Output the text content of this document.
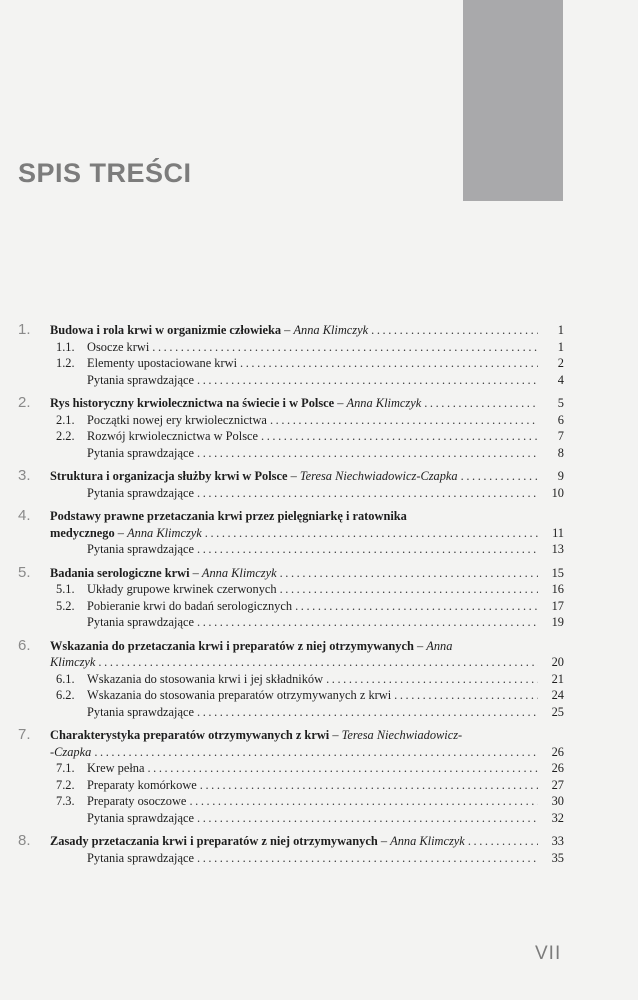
SPIS TREŚCI
1. Budowa i rola krwi w organizmie człowieka – Anna Klimczyk .....	1
1.1. Osocze krwi .....	1
1.2. Elementy upostaciowane krwi .....	2
Pytania sprawdzające .....	4
2. Rys historyczny krwiolecznictwa na świecie i w Polsce – Anna Klimczyk .....	5
2.1. Początki nowej ery krwiolecznictwa .....	6
2.2. Rozwój krwiolecznictwa w Polsce .....	7
Pytania sprawdzające .....	8
3. Struktura i organizacja służby krwi w Polsce – Teresa Niechwiadowicz-Czapka .....	9
Pytania sprawdzające .....	10
4. Podstawy prawne przetaczania krwi przez pielęgniarkę i ratownika
medycznego – Anna Klimczyk .....	11
Pytania sprawdzające .....	13
5. Badania serologiczne krwi – Anna Klimczyk .....	15
5.1. Układy grupowe krwinek czerwonych .....	16
5.2. Pobieranie krwi do badań serologicznych .....	17
Pytania sprawdzające .....	19
6. Wskazania do przetaczania krwi i preparatów z niej otrzymywanych – Anna
Klimczyk .....	20
6.1. Wskazania do stosowania krwi i jej składników .....	21
6.2. Wskazania do stosowania preparatów otrzymywanych z krwi .....	24
Pytania sprawdzające .....	25
7. Charakterystyka preparatów otrzymywanych z krwi – Teresa Niechwiadowicz-
-Czapka .....	26
7.1. Krew pełna .....	26
7.2. Preparaty komórkowe .....	27
7.3. Preparaty osoczowe .....	30
Pytania sprawdzające .....	32
8. Zasady przetaczania krwi i preparatów z niej otrzymywanych – Anna Klimczyk .....	33
Pytania sprawdzające .....	35
VII
